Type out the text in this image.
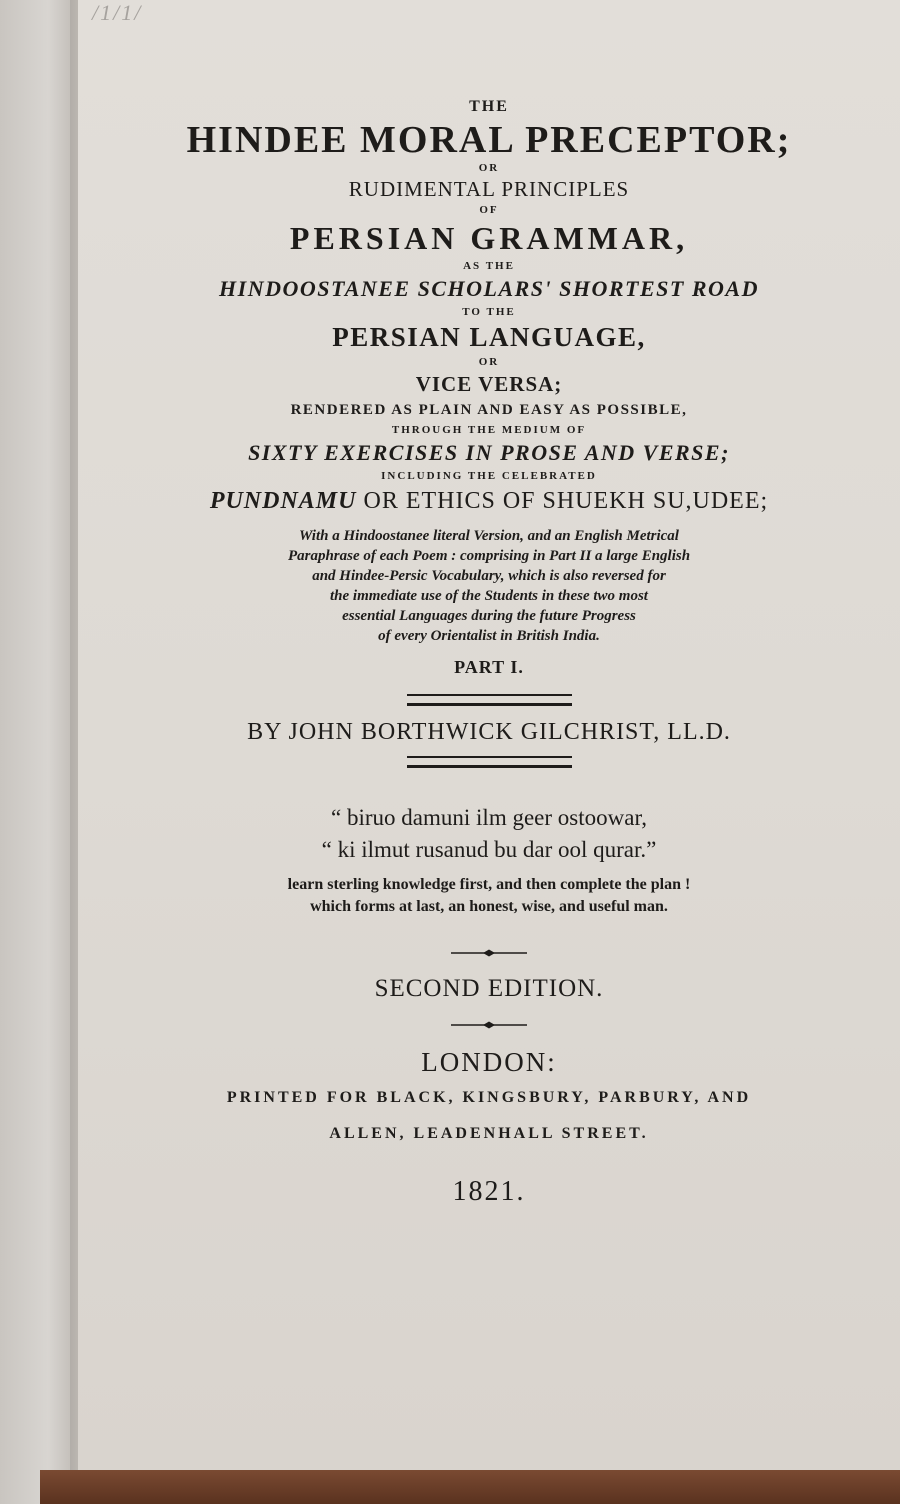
/1/1/
THE
HINDEE MORAL PRECEPTOR;
OR
RUDIMENTAL PRINCIPLES
OF
PERSIAN GRAMMAR,
AS THE
HINDOOSTANEE SCHOLARS' SHORTEST ROAD
TO THE
PERSIAN LANGUAGE,
OR
VICE VERSA;
RENDERED AS PLAIN AND EASY AS POSSIBLE,
THROUGH THE MEDIUM OF
SIXTY EXERCISES IN PROSE AND VERSE;
INCLUDING THE CELEBRATED
PUNDNAMU OR ETHICS OF SHUEKH SU,UDEE;
With a Hindoostanee literal Version, and an English Metrical
Paraphrase of each Poem : comprising in Part II a large English
and Hindee-Persic Vocabulary, which is also reversed for
the immediate use of the Students in these two most
essential Languages during the future Progress
of every Orientalist in British India.
PART I.
BY JOHN BORTHWICK GILCHRIST, LL.D.
“ biruo damuni ilm geer ostoowar,
“ ki ilmut rusanud bu dar ool qurar.”
learn sterling knowledge first, and then complete the plan !
which forms at last, an honest, wise, and useful man.
SECOND EDITION.
LONDON:
PRINTED FOR BLACK, KINGSBURY, PARBURY, AND
ALLEN, LEADENHALL STREET.
1821.
